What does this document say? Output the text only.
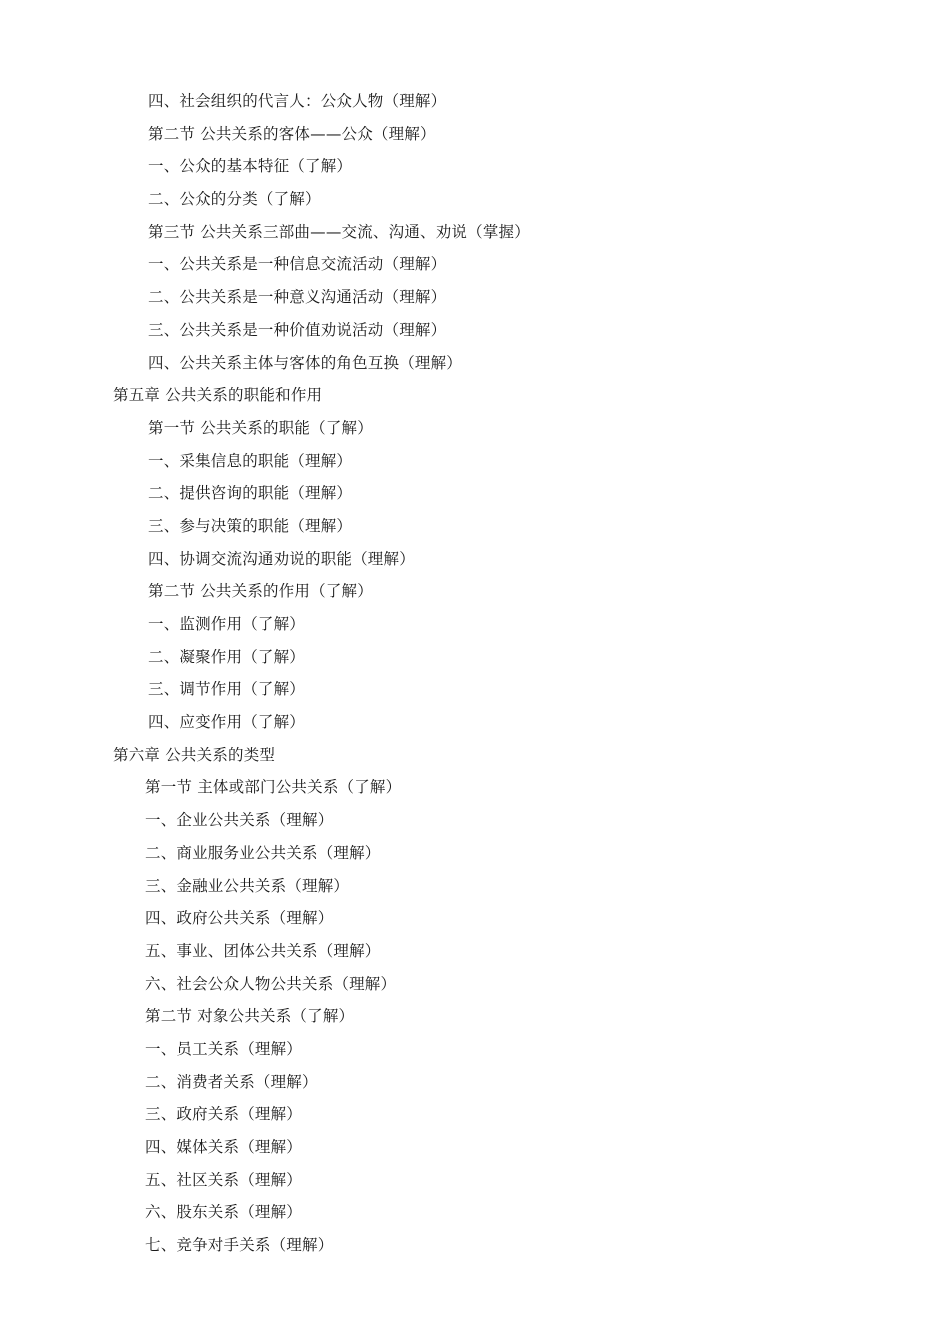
四、社会组织的代言人：公众人物（理解）
第二节 公共关系的客体——公众（理解）
一、公众的基本特征（了解）
二、公众的分类（了解）
第三节 公共关系三部曲——交流、沟通、劝说（掌握）
一、公共关系是一种信息交流活动（理解）
二、公共关系是一种意义沟通活动（理解）
三、公共关系是一种价值劝说活动（理解）
四、公共关系主体与客体的角色互换（理解）
第五章 公共关系的职能和作用
第一节 公共关系的职能（了解）
一、采集信息的职能（理解）
二、提供咨询的职能（理解）
三、参与决策的职能（理解）
四、协调交流沟通劝说的职能（理解）
第二节 公共关系的作用（了解）
一、监测作用（了解）
二、凝聚作用（了解）
三、调节作用（了解）
四、应变作用（了解）
第六章 公共关系的类型
第一节 主体或部门公共关系（了解）
一、企业公共关系（理解）
二、商业服务业公共关系（理解）
三、金融业公共关系（理解）
四、政府公共关系（理解）
五、事业、团体公共关系（理解）
六、社会公众人物公共关系（理解）
第二节 对象公共关系（了解）
一、员工关系（理解）
二、消费者关系（理解）
三、政府关系（理解）
四、媒体关系（理解）
五、社区关系（理解）
六、股东关系（理解）
七、竞争对手关系（理解）
